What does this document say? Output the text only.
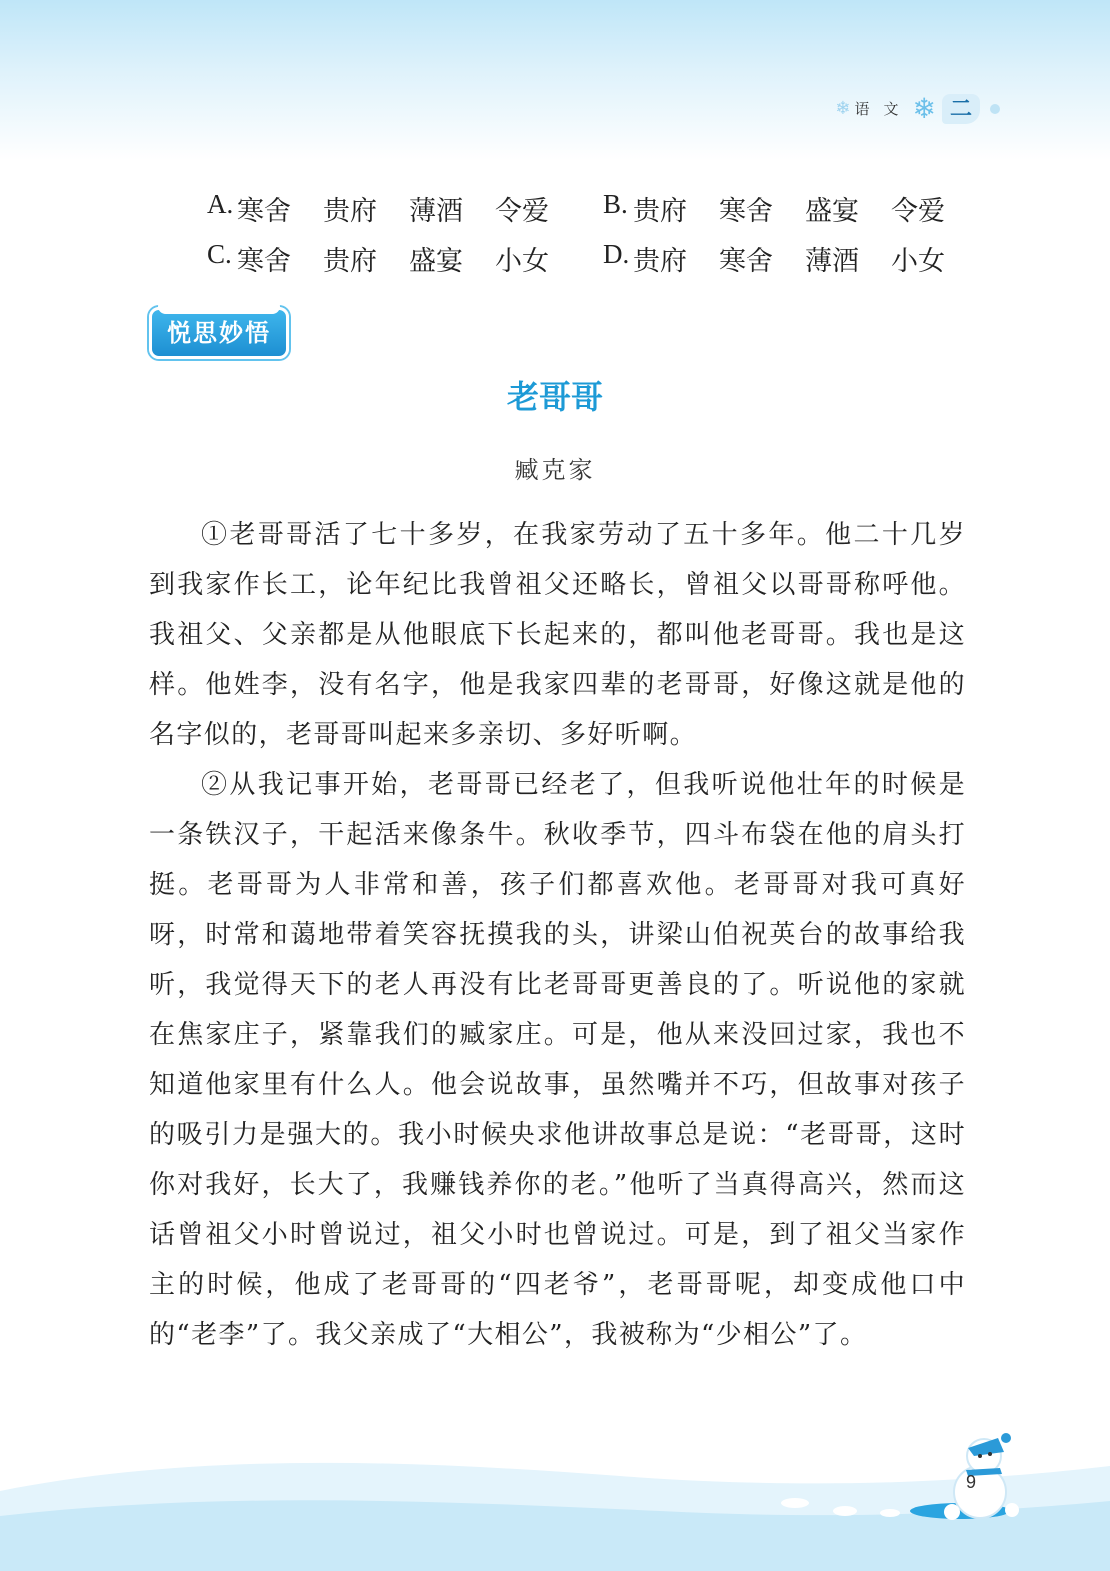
9
❄ 语文 ❄ 二
A. 寒舍 贵府 薄酒 令爱 B. 贵府 寒舍 盛宴 令爱
C. 寒舍 贵府 盛宴 小女 D. 贵府 寒舍 薄酒 小女
悦思妙悟
老哥哥
臧克家

①老哥哥活了七十多岁，在我家劳动了五十多年。他二十几岁到我家作长工，论年纪比我曾祖父还略长，曾祖父以哥哥称呼他。我祖父、父亲都是从他眼底下长起来的，都叫他老哥哥。我也是这样。他姓李，没有名字，他是我家四辈的老哥哥，好像这就是他的名字似的，老哥哥叫起来多亲切、多好听啊。

②从我记事开始，老哥哥已经老了，但我听说他壮年的时候是一条铁汉子，干起活来像条牛。秋收季节，四斗布袋在他的肩头打挺。老哥哥为人非常和善，孩子们都喜欢他。老哥哥对我可真好呀，时常和蔼地带着笑容抚摸我的头，讲梁山伯祝英台的故事给我听，我觉得天下的老人再没有比老哥哥更善良的了。听说他的家就在焦家庄子，紧靠我们的臧家庄。可是，他从来没回过家，我也不知道他家里有什么人。他会说故事，虽然嘴并不巧，但故事对孩子的吸引力是强大的。我小时候央求他讲故事总是说：“老哥哥，这时你对我好，长大了，我赚钱养你的老。”他听了当真得高兴，然而这话曾祖父小时曾说过，祖父小时也曾说过。可是，到了祖父当家作主的时候，他成了老哥哥的“四老爷”，老哥哥呢，却变成他口中的“老李”了。我父亲成了“大相公”，我被称为“少相公”了。
